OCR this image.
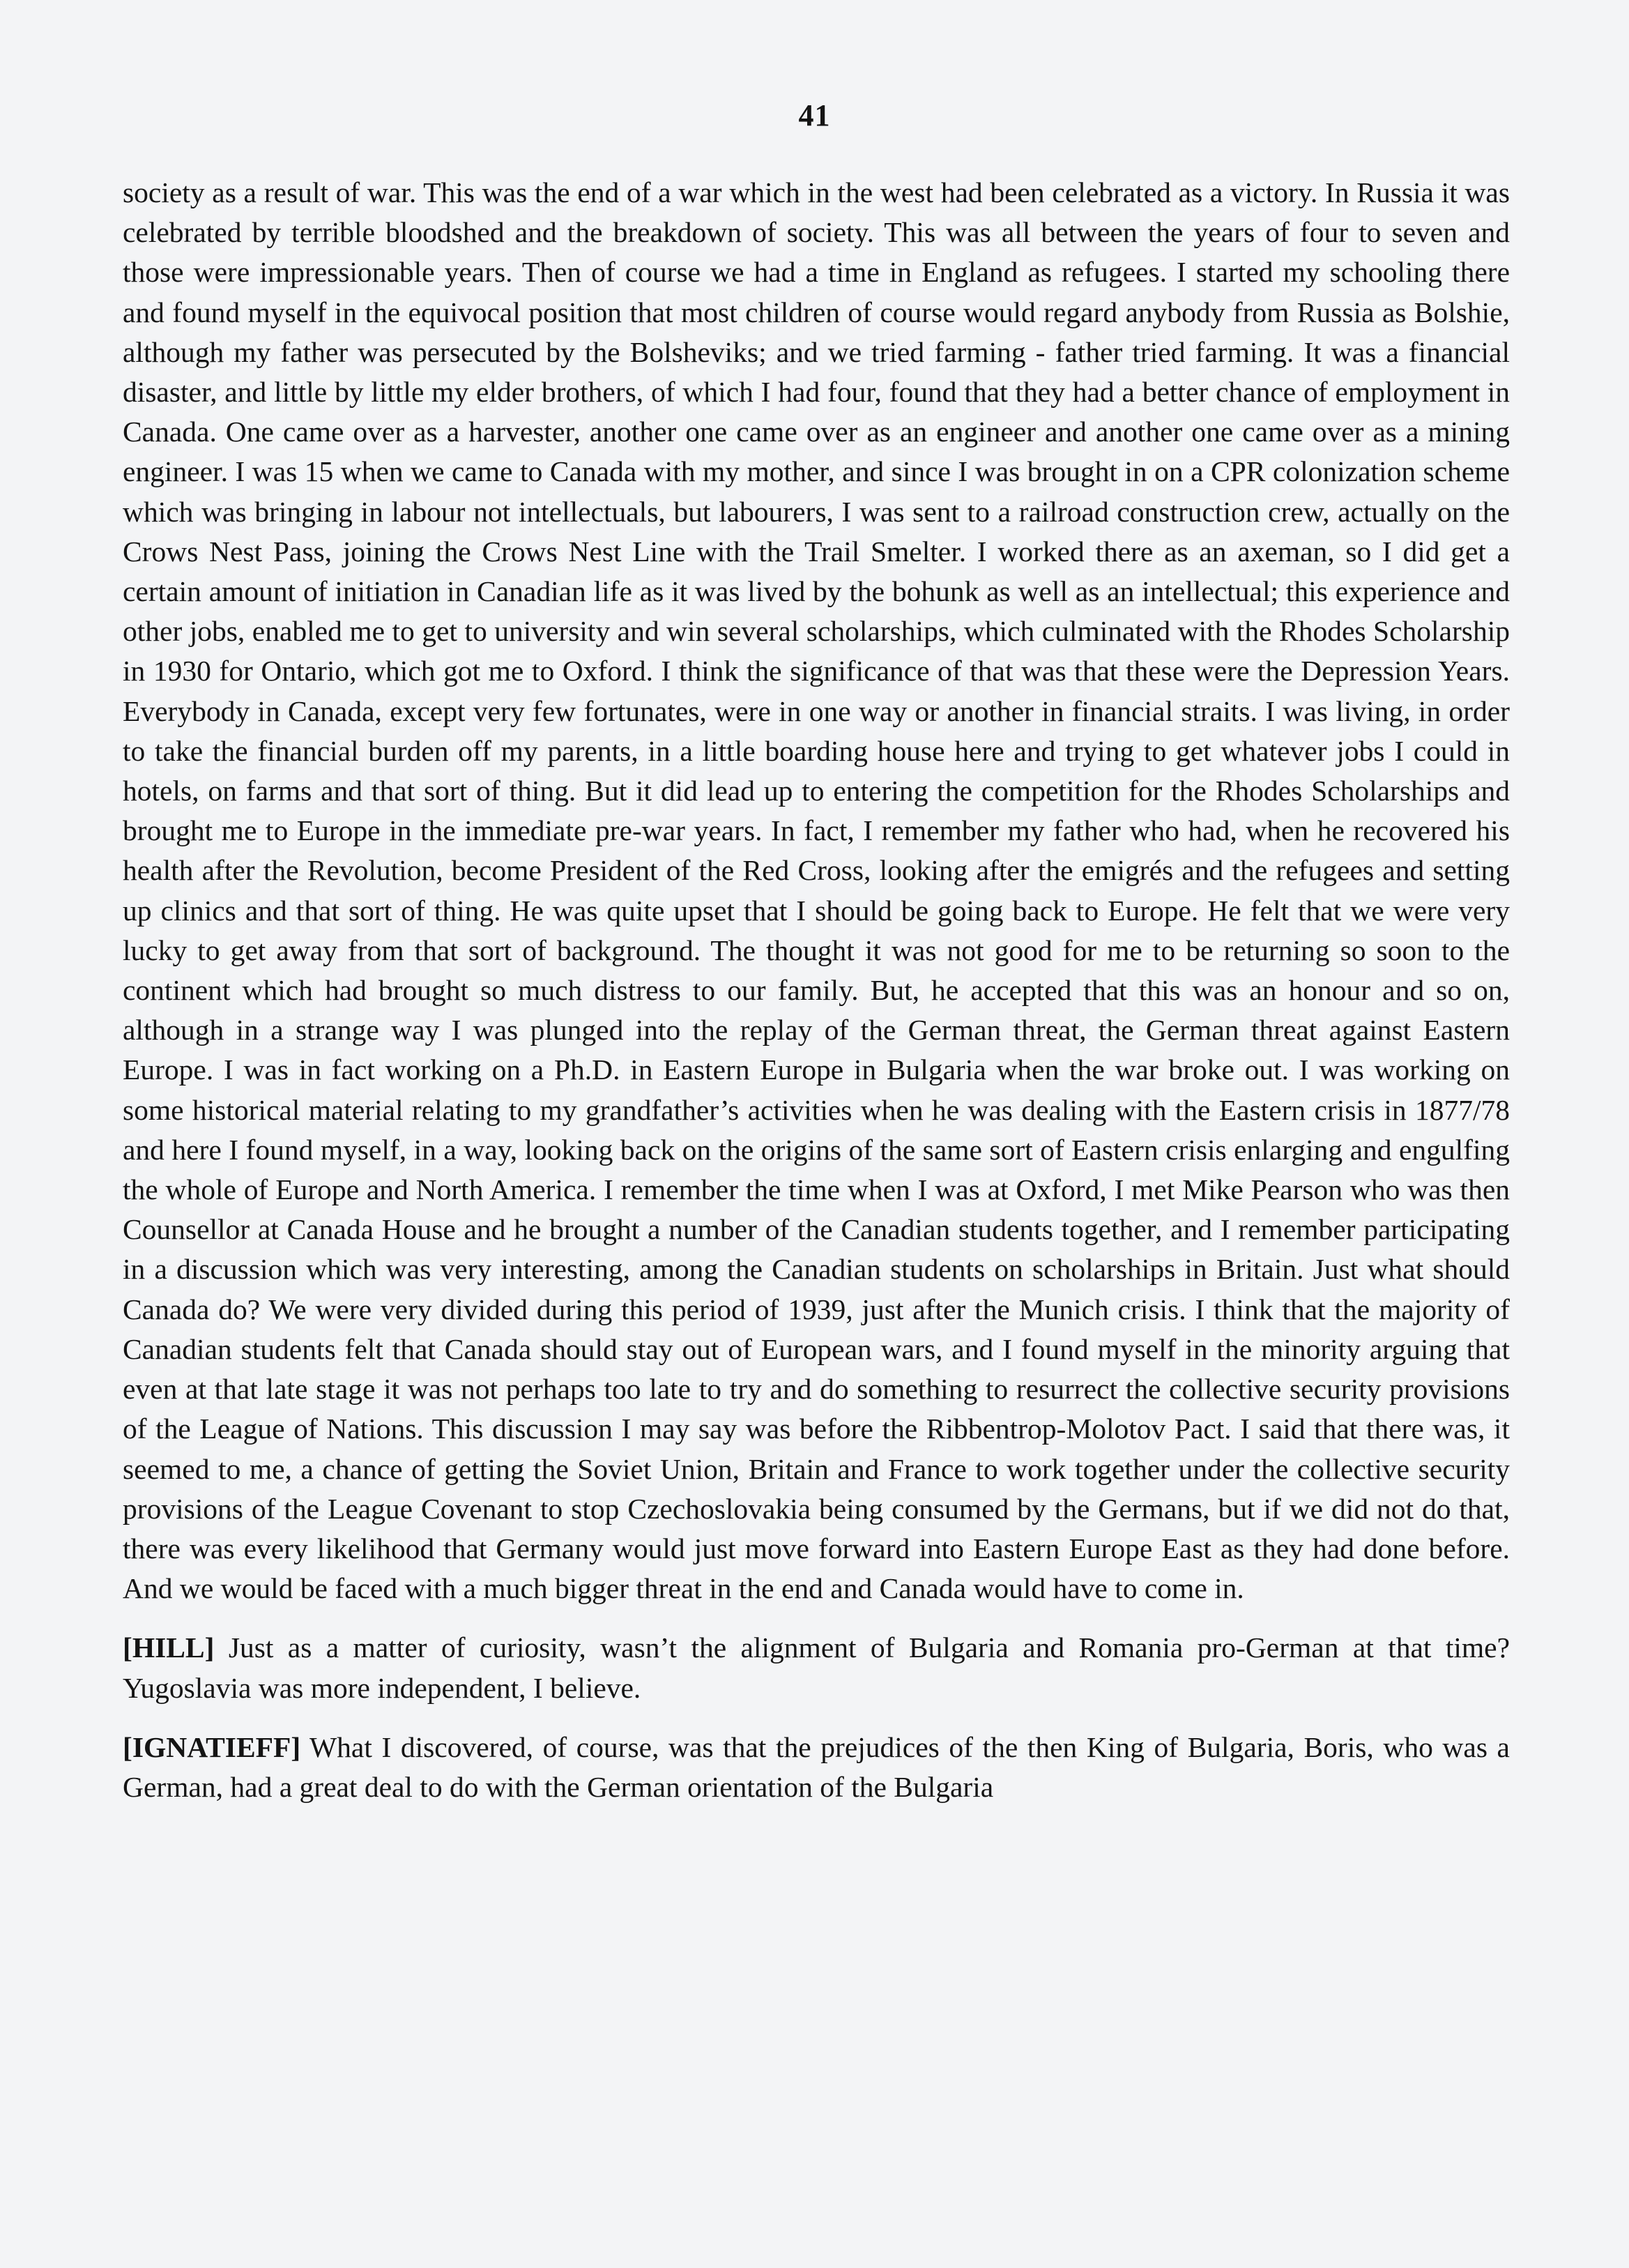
41

society as a result of war. This was the end of a war which in the west had been celebrated as a victory. In Russia it was celebrated by terrible bloodshed and the breakdown of society. This was all between the years of four to seven and those were impressionable years. Then of course we had a time in England as refugees. I started my schooling there and found myself in the equivocal position that most children of course would regard anybody from Russia as Bolshie, although my father was persecuted by the Bolsheviks; and we tried farming - father tried farming. It was a financial disaster, and little by little my elder brothers, of which I had four, found that they had a better chance of employment in Canada. One came over as a harvester, another one came over as an engineer and another one came over as a mining engineer. I was 15 when we came to Canada with my mother, and since I was brought in on a CPR colonization scheme which was bringing in labour not intellectuals, but labourers, I was sent to a railroad construction crew, actually on the Crows Nest Pass, joining the Crows Nest Line with the Trail Smelter. I worked there as an axeman, so I did get a certain amount of initiation in Canadian life as it was lived by the bohunk as well as an intellectual; this experience and other jobs, enabled me to get to university and win several scholarships, which culminated with the Rhodes Scholarship in 1930 for Ontario, which got me to Oxford. I think the significance of that was that these were the Depression Years. Everybody in Canada, except very few fortunates, were in one way or another in financial straits. I was living, in order to take the financial burden off my parents, in a little boarding house here and trying to get whatever jobs I could in hotels, on farms and that sort of thing. But it did lead up to entering the competition for the Rhodes Scholarships and brought me to Europe in the immediate pre-war years. In fact, I remember my father who had, when he recovered his health after the Revolution, become President of the Red Cross, looking after the emigrés and the refugees and setting up clinics and that sort of thing. He was quite upset that I should be going back to Europe. He felt that we were very lucky to get away from that sort of background. The thought it was not good for me to be returning so soon to the continent which had brought so much distress to our family. But, he accepted that this was an honour and so on, although in a strange way I was plunged into the replay of the German threat, the German threat against Eastern Europe. I was in fact working on a Ph.D. in Eastern Europe in Bulgaria when the war broke out. I was working on some historical material relating to my grandfather’s activities when he was dealing with the Eastern crisis in 1877/78 and here I found myself, in a way, looking back on the origins of the same sort of Eastern crisis enlarging and engulfing the whole of Europe and North America. I remember the time when I was at Oxford, I met Mike Pearson who was then Counsellor at Canada House and he brought a number of the Canadian students together, and I remember participating in a discussion which was very interesting, among the Canadian students on scholarships in Britain. Just what should Canada do? We were very divided during this period of 1939, just after the Munich crisis. I think that the majority of Canadian students felt that Canada should stay out of European wars, and I found myself in the minority arguing that even at that late stage it was not perhaps too late to try and do something to resurrect the collective security provisions of the League of Nations. This discussion I may say was before the Ribbentrop-Molotov Pact. I said that there was, it seemed to me, a chance of getting the Soviet Union, Britain and France to work together under the collective security provisions of the League Covenant to stop Czechoslovakia being consumed by the Germans, but if we did not do that, there was every likelihood that Germany would just move forward into Eastern Europe East as they had done before. And we would be faced with a much bigger threat in the end and Canada would have to come in.

[HILL] Just as a matter of curiosity, wasn’t the alignment of Bulgaria and Romania pro-German at that time? Yugoslavia was more independent, I believe.

[IGNATIEFF] What I discovered, of course, was that the prejudices of the then King of Bulgaria, Boris, who was a German, had a great deal to do with the German orientation of the Bulgaria
